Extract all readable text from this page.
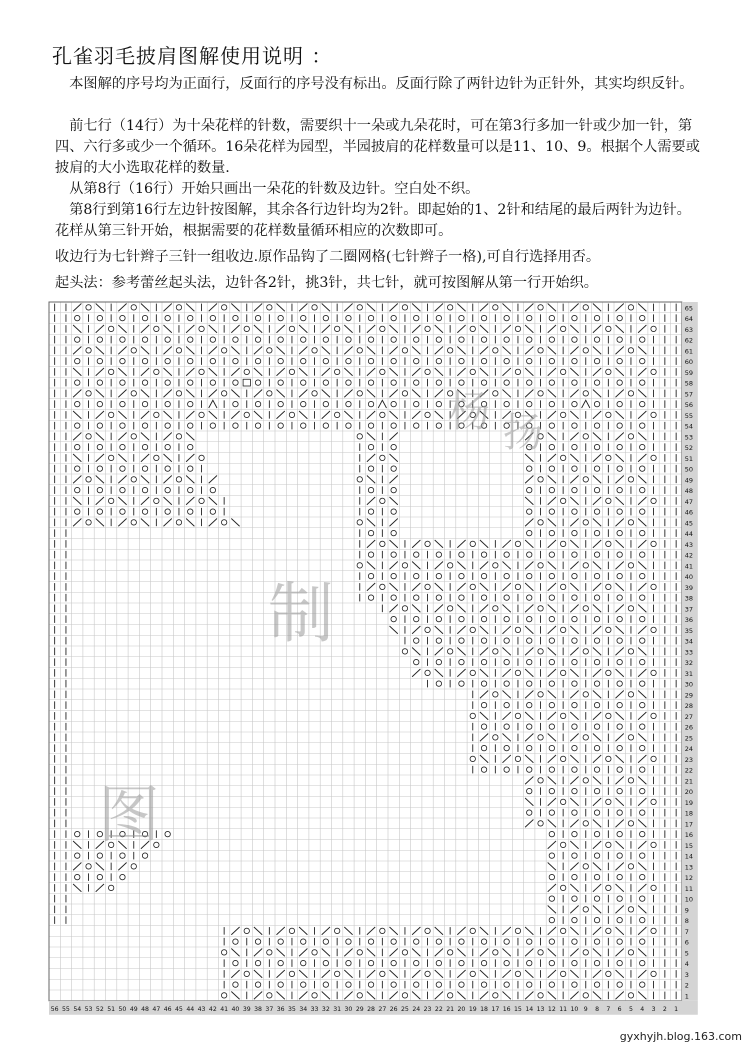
孔雀羽毛披肩图解使用说明 ：

　本图解的序号均为正面行，反面行的序号没有标出。反面行除了两针边针为正针外，其实均织反针。

　前七行（14行）为十朵花样的针数，需要织十一朵或九朵花时，可在第3行多加一针或少加一针，第四、六行多或少一个循环。16朵花样为园型，半园披肩的花样数量可以是11、10、9。根据个人需要或披肩的大小选取花样的数量.

　从第8行（16行）开始只画出一朵花的针数及边针。空白处不织。

　第8行到第16行左边针按图解，其余各行边针均为2针。即起始的1、2针和结尾的最后两针为边针。花样从第三针开始，根据需要的花样数量循环相应的次数即可。

收边行为七针辫子三针一组收边.原作品钩了二圈网格(七针辫子一格),可自行选择用否。
起头法：参考蕾丝起头法，边针各2针，挑3针，共七针，就可按图解从第一行开始织。
图
制
杨 扬
1
2
3
4
5
6
7
8
9
10
11
12
13
14
15
16
17
18
19
20
21
22
23
24
25
26
27
28
29
30
31
32
33
34
35
36
37
38
39
40
41
42
43
44
45
46
47
48
49
50
51
52
53
54
55
56
57
58
59
60
61
62
63
64
65
56 55 54 53 52 51 50 49 48 47 46 45 44 43 42 41 40 39 38 37 36 35 34 33 32 31 30 29 28 27 26 25 24 23 22 21 20 19 18 17 16 15 14 13 12 11 10 9 8 7 6 5 4 3 2 1
gyxhyjh.blog.163.com
